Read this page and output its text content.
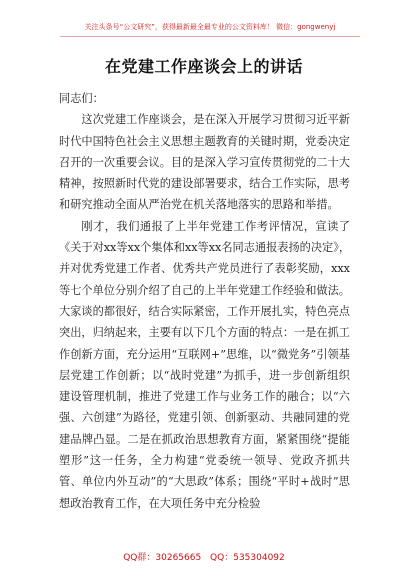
关注头条号“公文研究”，获得最新最全最专业的公文资料库！ 微信：gongwenyj
在党建工作座谈会上的讲话

同志们：

这次党建工作座谈会，是在深入开展学习贯彻习近平新时代中国特色社会主义思想主题教育的关键时期，党委决定召开的一次重要会议。目的是深入学习宣传贯彻党的二十大精神，按照新时代党的建设部署要求，结合工作实际，思考和研究推动全面从严治党在机关落地落实的思路和举措。

刚才，我们通报了上半年党建工作考评情况，宣读了《关于对xx等xx个集体和xx等xx名同志通报表扬的决定》，并对优秀党建工作者、优秀共产党员进行了表彰奖励，xxx等七个单位分别介绍了自己的上半年党建工作经验和做法。大家谈的都很好，结合实际紧密，工作开展扎实，特色亮点突出，归纳起来，主要有以下几个方面的特点：一是在抓工作创新方面，充分运用“互联网+”思维，以“微党务”引领基层党建工作创新；以“战时党建”为抓手，进一步创新组织建设管理机制，推进了党建工作与业务工作的融合；以“六强、六创建”为路径，党建引领、创新驱动、共融同建的党建品牌凸显。二是在抓政治思想教育方面，紧紧围绕“提能塑形”这一任务，全力构建“党委统一领导、党政齐抓共管、单位内外互动”的“大思政”体系；围绕“平时+战时”思想政治教育工作，在大项任务中充分检验

QQ群：30265665 QQ：535304092
